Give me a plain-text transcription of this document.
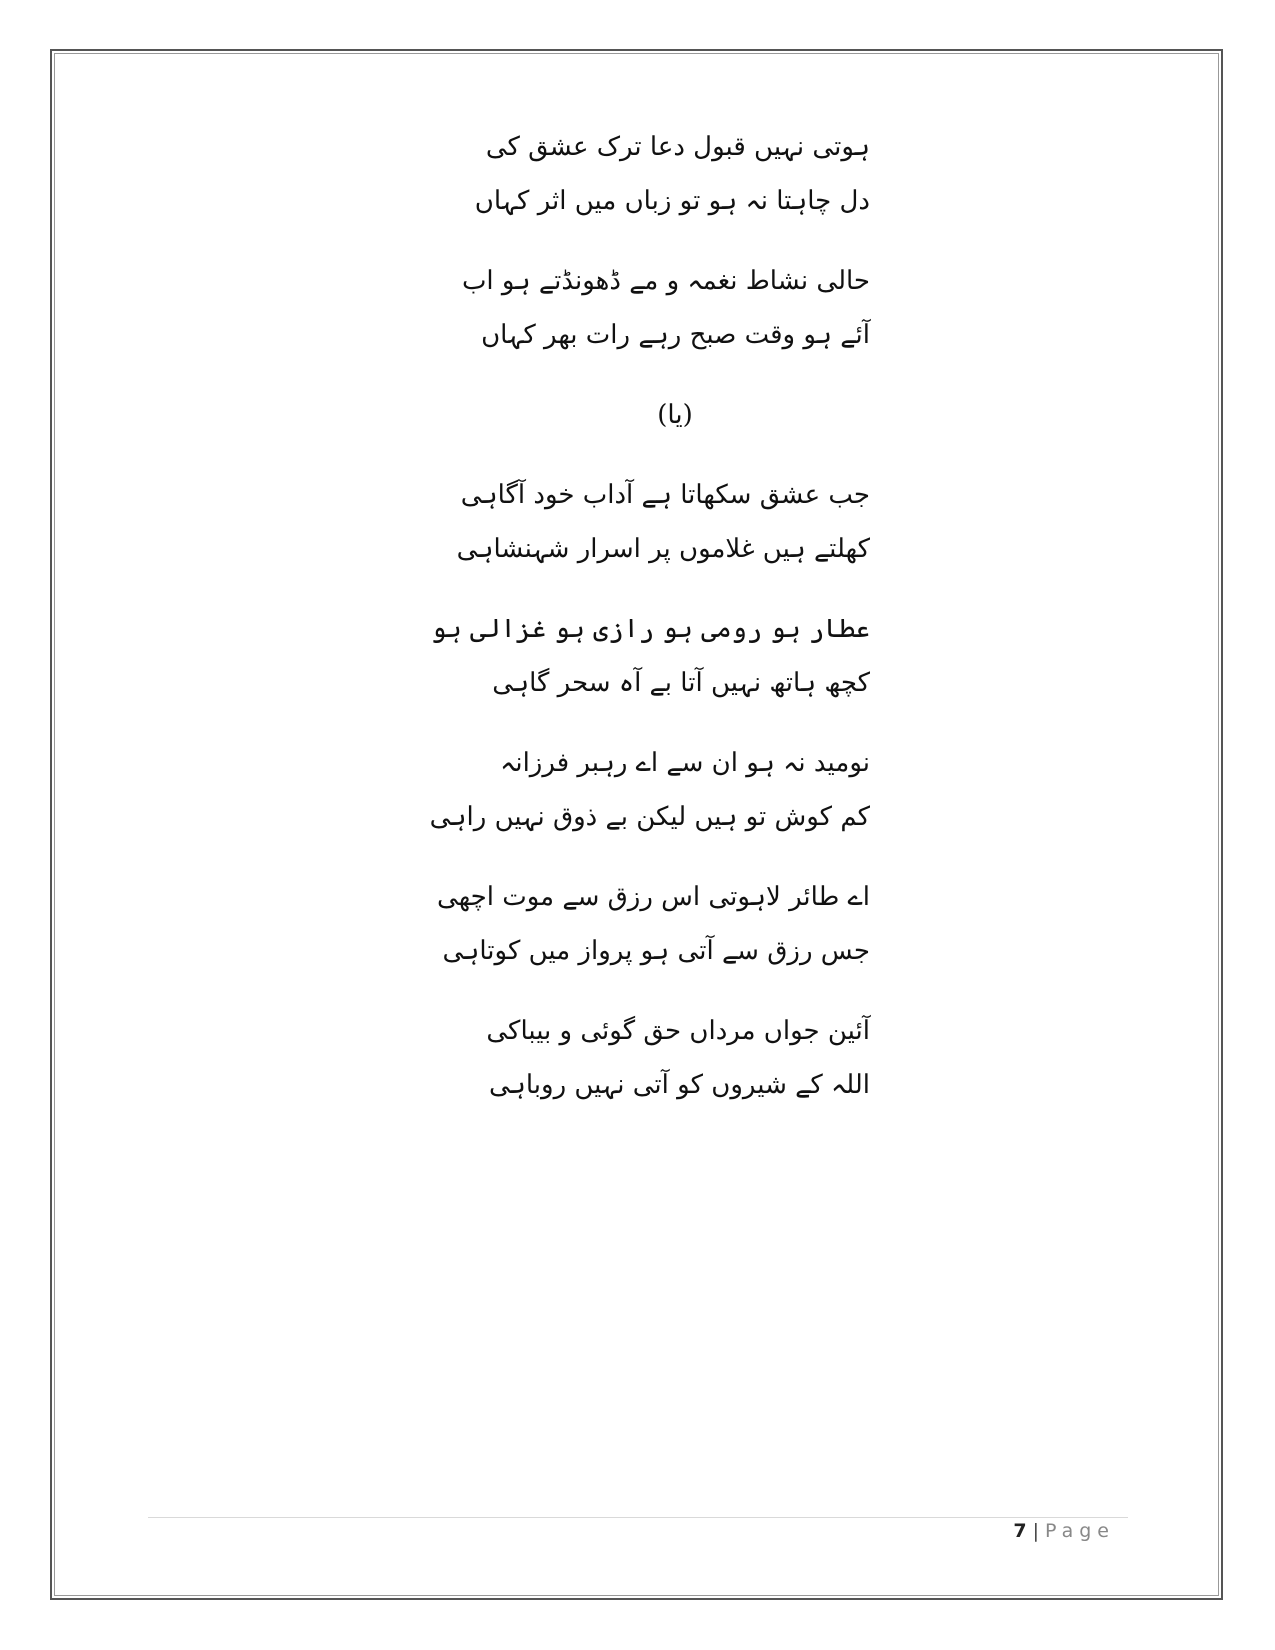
ہوتی نہیں قبول دعا ترک عشق کی
دل چاہتا نہ ہو تو زباں میں اثر کہاں
حالی نشاط نغمہ و مے ڈھونڈتے ہو اب
آئے ہو وقت صبح رہے رات بھر کہاں
(یا)
جب عشق سکھاتا ہے آداب خود آگاہی
کھلتے ہیں غلاموں پر اسرار شہنشاہی
عطار ہو رومی ہو رازی ہو غزالی ہو
کچھ ہاتھ نہیں آتا بے آہ سحر گاہی
نومید نہ ہو ان سے اے رہبر فرزانہ
کم کوش تو ہیں لیکن بے ذوق نہیں راہی
اے طائر لاہوتی اس رزق سے موت اچھی
جس رزق سے آتی ہو پرواز میں کوتاہی
آئین جواں مرداں حق گوئی و بیباکی
اللہ کے شیروں کو آتی نہیں روباہی
7 | Page
